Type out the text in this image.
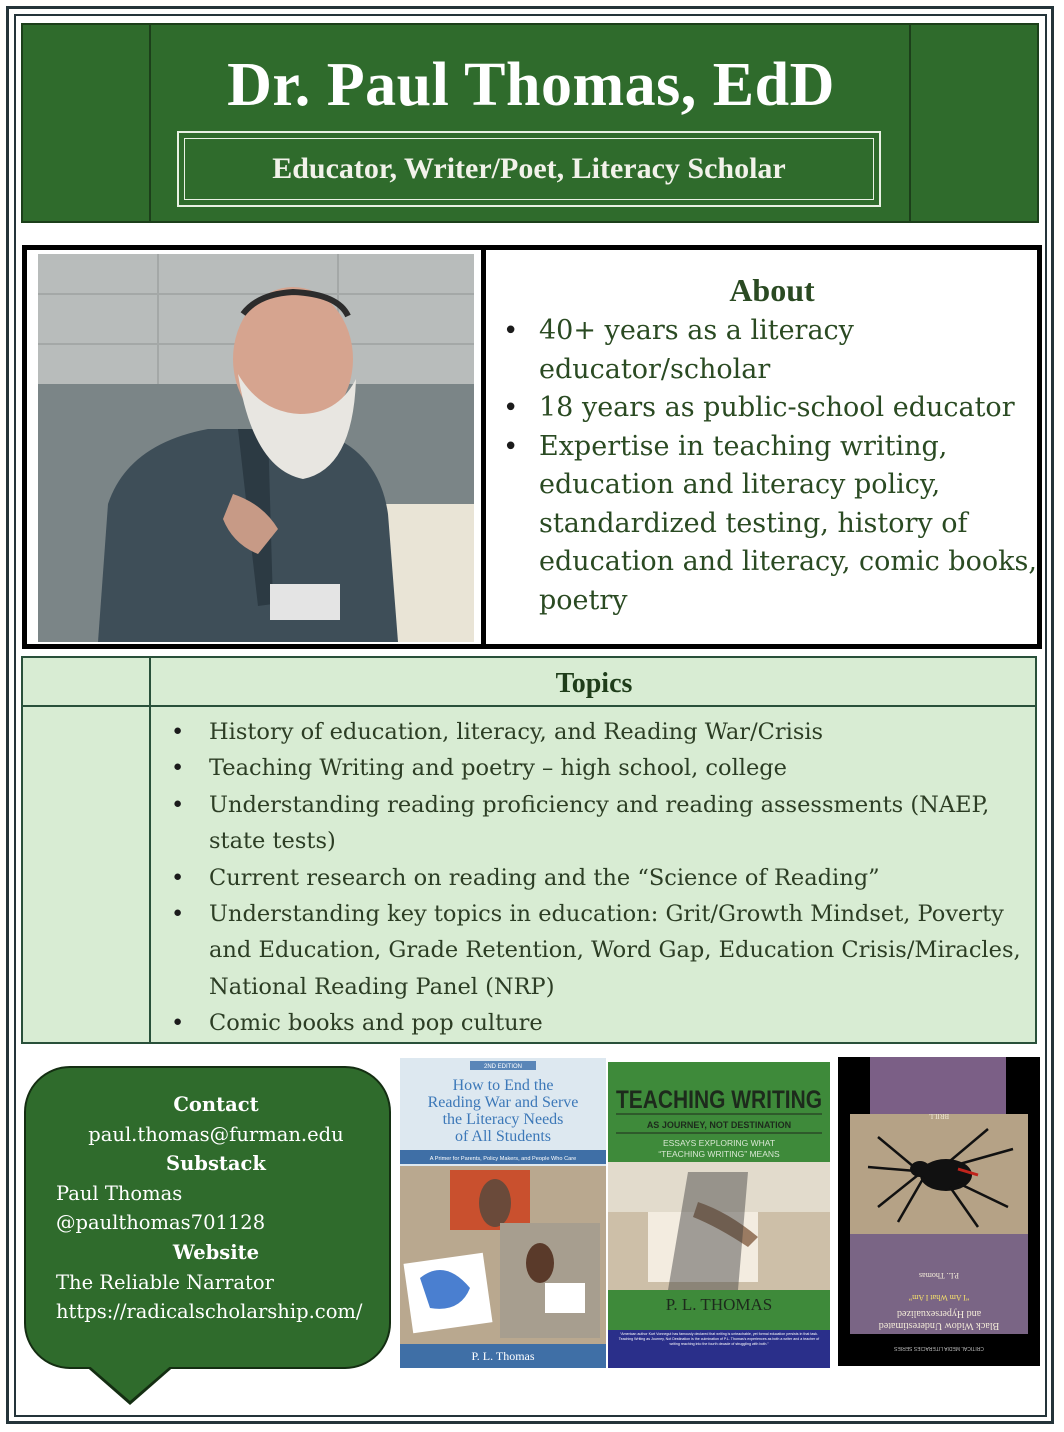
Dr. Paul Thomas, EdD
Educator, Writer/Poet, Literacy Scholar
About
• 40+ years as a literacy educator/scholar
• 18 years as public-school educator
• Expertise in teaching writing, education and literacy policy, standardized testing, history of education and literacy, comic books, poetry
Topics
• History of education, literacy, and Reading War/Crisis
• Teaching Writing and poetry – high school, college
• Understanding reading proficiency and reading assessments (NAEP, state tests)
• Current research on reading and the “Science of Reading”
• Understanding key topics in education: Grit/Growth Mindset, Poverty and Education, Grade Retention, Word Gap, Education Crisis/Miracles, National Reading Panel (NRP)
• Comic books and pop culture
Contact
paul.thomas@furman.edu
Substack
Paul Thomas
@paulthomas701128
Website
The Reliable Narrator
https://radicalscholarship.com/
2ND EDITION
How to End the
Reading War and Serve
the Literacy Needs
of All Students
A Primer for Parents, Policy Makers, and People Who Care
P. L. Thomas
TEACHING WRITING
AS JOURNEY, NOT DESTINATION
ESSAYS EXPLORING WHAT
“TEACHING WRITING” MEANS
P. L. THOMAS
“American author Kurt Vonnegut has famously declared that writing is unteachable, yet formal education persists in that task. Teaching Writing as Journey, Not Destination is the culmination of P.L. Thomas's experiences as both a writer and a teacher of writing reaching into the fourth decade of struggling with both.”
Black Widow Underestimated
and Hypersexualized
“I Am What I Am”
P.L. Thomas
BRILL
CRITICAL MEDIA LITERACIES SERIES
